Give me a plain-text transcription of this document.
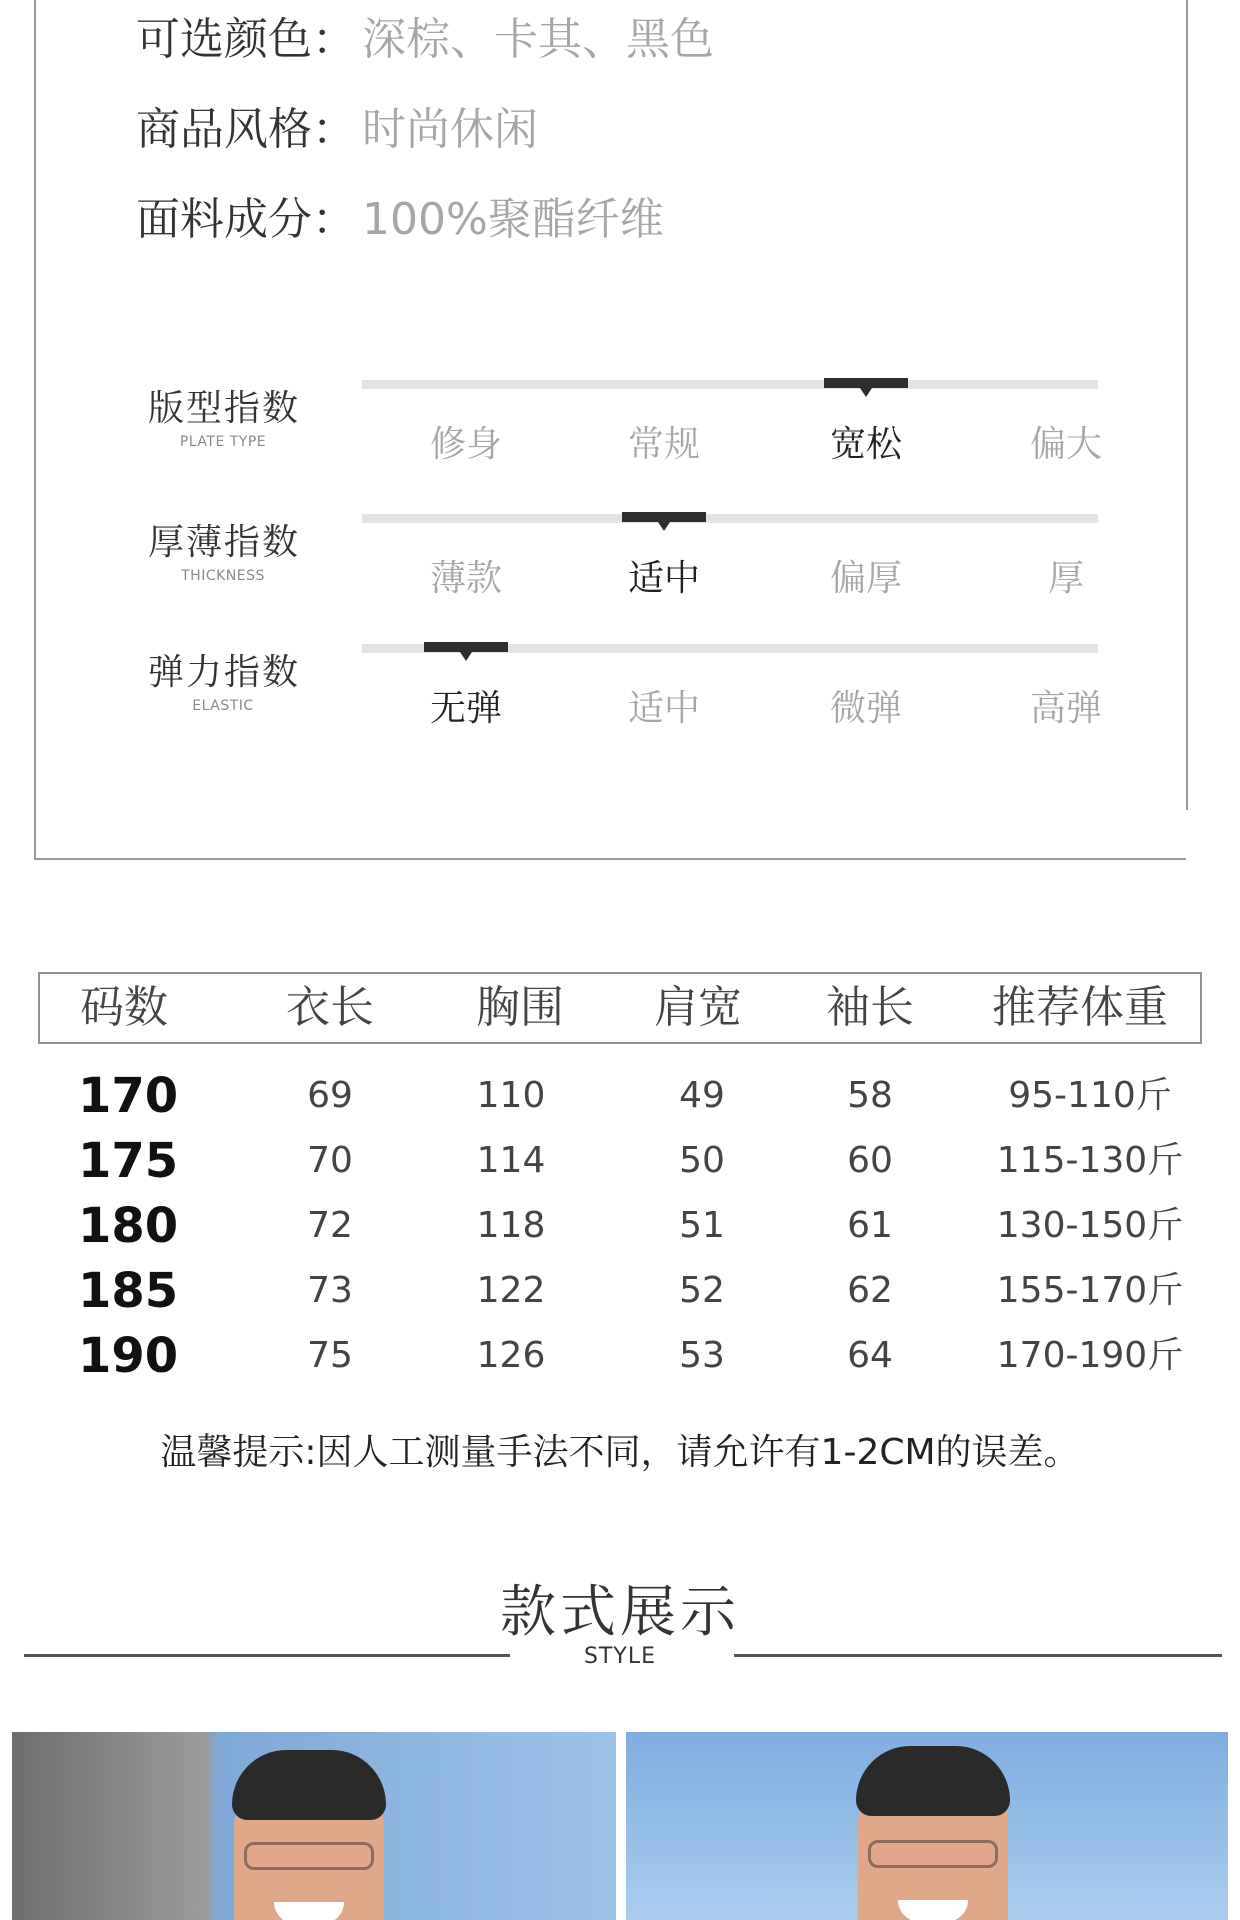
可选颜色： 深棕、卡其、黑色
商品风格： 时尚休闲
面料成分： 100%聚酯纤维
版型指数
PLATE TYPE	修身	常规	宽松	偏大
厚薄指数
THICKNESS	薄款	适中	偏厚	厚
弹力指数
ELASTIC	无弹	适中	微弹	高弹
码数	衣长	胸围	肩宽	袖长	推荐体重
170	69	110	49	58	95-110斤
175	70	114	50	60	115-130斤
180	72	118	51	61	130-150斤
185	73	122	52	62	155-170斤
190	75	126	53	64	170-190斤
温馨提示:因人工测量手法不同，请允许有1-2CM的误差。
款式展示
STYLE
